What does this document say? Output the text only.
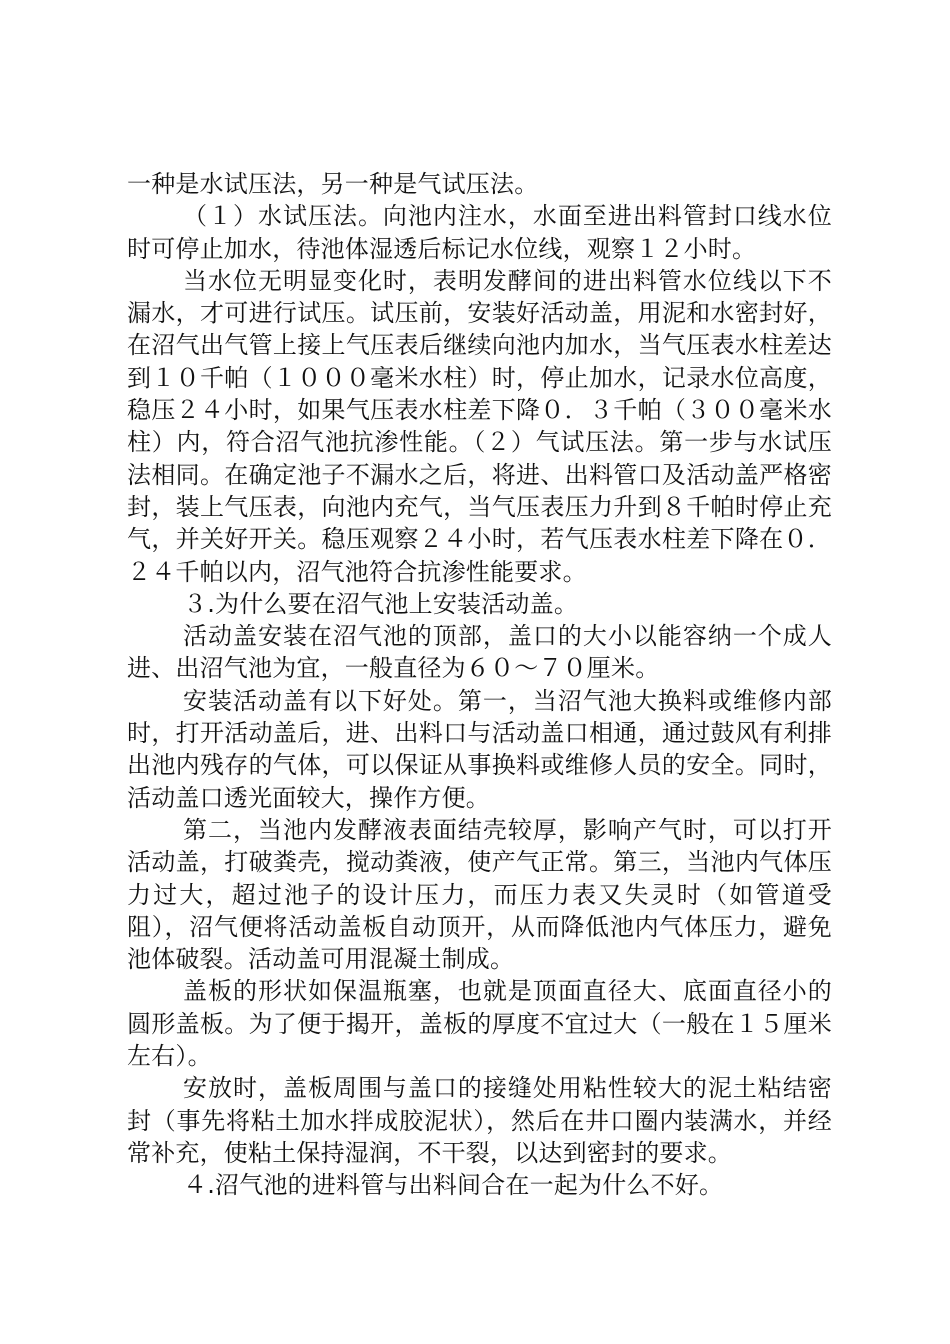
一种是水试压法，另一种是气试压法。

（１）水试压法。向池内注水，水面至进出料管封口线水位时可停止加水，待池体湿透后标记水位线，观察１２小时。

当水位无明显变化时，表明发酵间的进出料管水位线以下不漏水，才可进行试压。试压前，安装好活动盖，用泥和水密封好，在沼气出气管上接上气压表后继续向池内加水，当气压表水柱差达到１０千帕（１０００毫米水柱）时，停止加水，记录水位高度，稳压２４小时，如果气压表水柱差下降０．３千帕（３００毫米水柱）内，符合沼气池抗渗性能。（２）气试压法。第一步与水试压法相同。在确定池子不漏水之后，将进、出料管口及活动盖严格密封，装上气压表，向池内充气，当气压表压力升到８千帕时停止充气，并关好开关。稳压观察２４小时，若气压表水柱差下降在０．２４千帕以内，沼气池符合抗渗性能要求。

３.为什么要在沼气池上安装活动盖。

活动盖安装在沼气池的顶部，盖口的大小以能容纳一个成人进、出沼气池为宜，一般直径为６０～７０厘米。

安装活动盖有以下好处。第一，当沼气池大换料或维修内部时，打开活动盖后，进、出料口与活动盖口相通，通过鼓风有利排出池内残存的气体，可以保证从事换料或维修人员的安全。同时，活动盖口透光面较大，操作方便。

第二，当池内发酵液表面结壳较厚，影响产气时，可以打开活动盖，打破粪壳，搅动粪液，使产气正常。第三，当池内气体压力过大，超过池子的设计压力，而压力表又失灵时（如管道受阻），沼气便将活动盖板自动顶开，从而降低池内气体压力，避免池体破裂。活动盖可用混凝土制成。

盖板的形状如保温瓶塞，也就是顶面直径大、底面直径小的圆形盖板。为了便于揭开，盖板的厚度不宜过大（一般在１５厘米左右）。

安放时，盖板周围与盖口的接缝处用粘性较大的泥土粘结密封（事先将粘土加水拌成胶泥状），然后在井口圈内装满水，并经常补充，使粘土保持湿润，不干裂，以达到密封的要求。

４.沼气池的进料管与出料间合在一起为什么不好。
